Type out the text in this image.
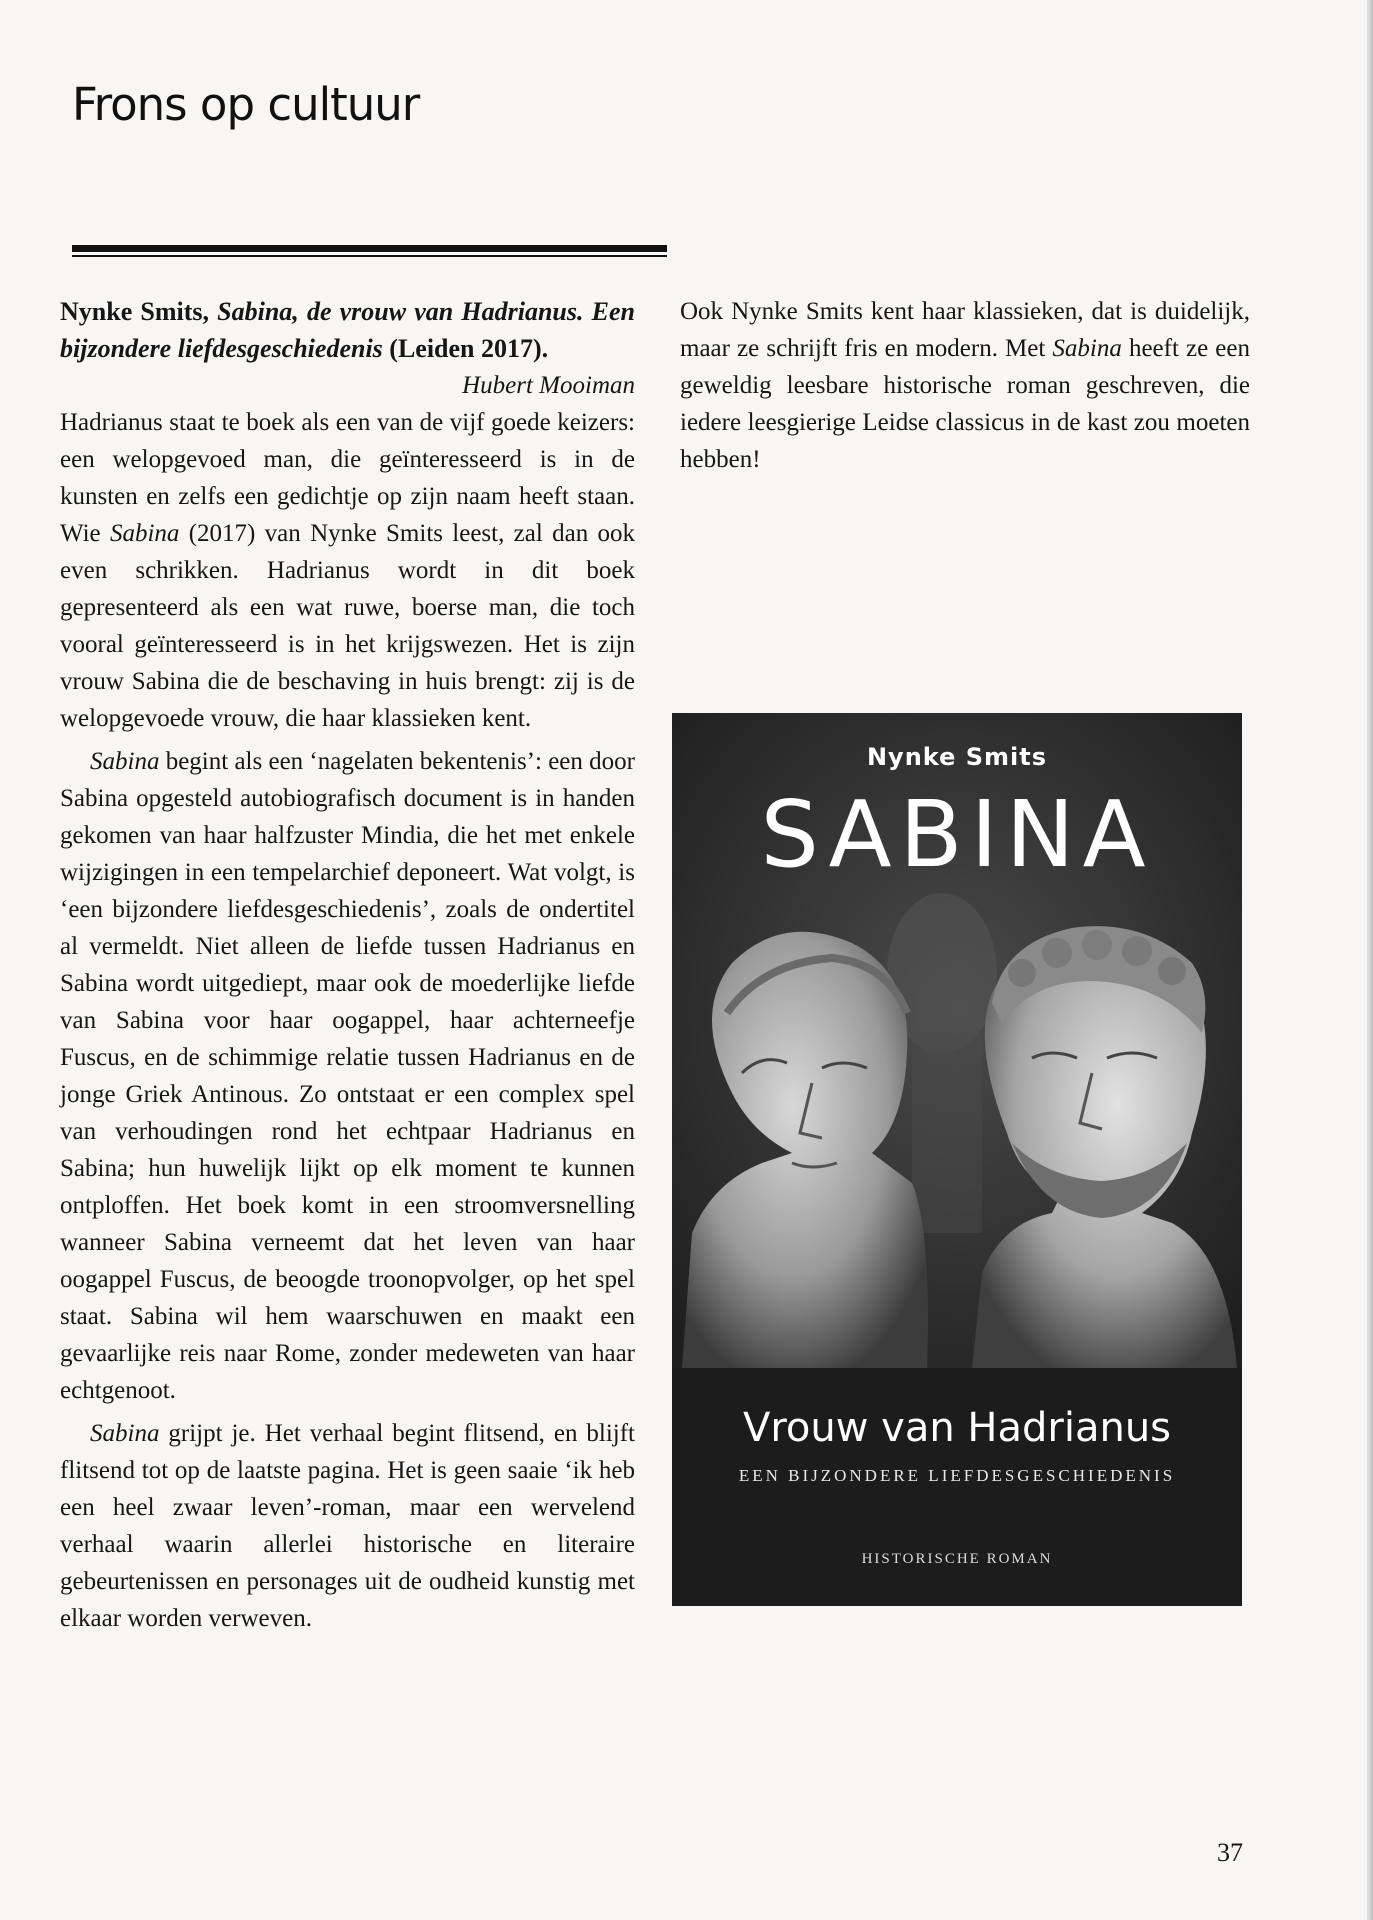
Frons op cultuur

Nynke Smits, Sabina, de vrouw van Hadrianus. Een bijzondere liefdesgeschiedenis (Leiden 2017).

Hubert Mooiman

Hadrianus staat te boek als een van de vijf goede keizers: een welopgevoed man, die geïnteresseerd is in de kunsten en zelfs een gedichtje op zijn naam heeft staan. Wie Sabina (2017) van Nynke Smits leest, zal dan ook even schrikken. Hadrianus wordt in dit boek gepresenteerd als een wat ruwe, boerse man, die toch vooral geïnteresseerd is in het krijgswezen. Het is zijn vrouw Sabina die de beschaving in huis brengt: zij is de welopgevoede vrouw, die haar klassieken kent.

Sabina begint als een ‘nagelaten bekentenis’: een door Sabina opgesteld autobiografisch document is in handen gekomen van haar halfzuster Mindia, die het met enkele wijzigingen in een tempelarchief deponeert. Wat volgt, is ‘een bijzondere liefdesgeschiedenis’, zoals de ondertitel al vermeldt. Niet alleen de liefde tussen Hadrianus en Sabina wordt uitgediept, maar ook de moederlijke liefde van Sabina voor haar oogappel, haar achterneefje Fuscus, en de schimmige relatie tussen Hadrianus en de jonge Griek Antinous. Zo ontstaat er een complex spel van verhoudingen rond het echtpaar Hadrianus en Sabina; hun huwelijk lijkt op elk moment te kunnen ontploffen. Het boek komt in een stroomversnelling wanneer Sabina verneemt dat het leven van haar oogappel Fuscus, de beoogde troonopvolger, op het spel staat. Sabina wil hem waarschuwen en maakt een gevaarlijke reis naar Rome, zonder medeweten van haar echtgenoot.

Sabina grijpt je. Het verhaal begint flitsend, en blijft flitsend tot op de laatste pagina. Het is geen saaie ‘ik heb een heel zwaar leven’-roman, maar een wervelend verhaal waarin allerlei historische en literaire gebeurtenissen en personages uit de oudheid kunstig met elkaar worden verweven.

Ook Nynke Smits kent haar klassieken, dat is duidelijk, maar ze schrijft fris en modern. Met Sabina heeft ze een geweldig leesbare historische roman geschreven, die iedere leesgierige Leidse classicus in de kast zou moeten hebben!

Nynke Smits
SABINA
Vrouw van Hadrianus
EEN BIJZONDERE LIEFDESGESCHIEDENIS
HISTORISCHE ROMAN
37
